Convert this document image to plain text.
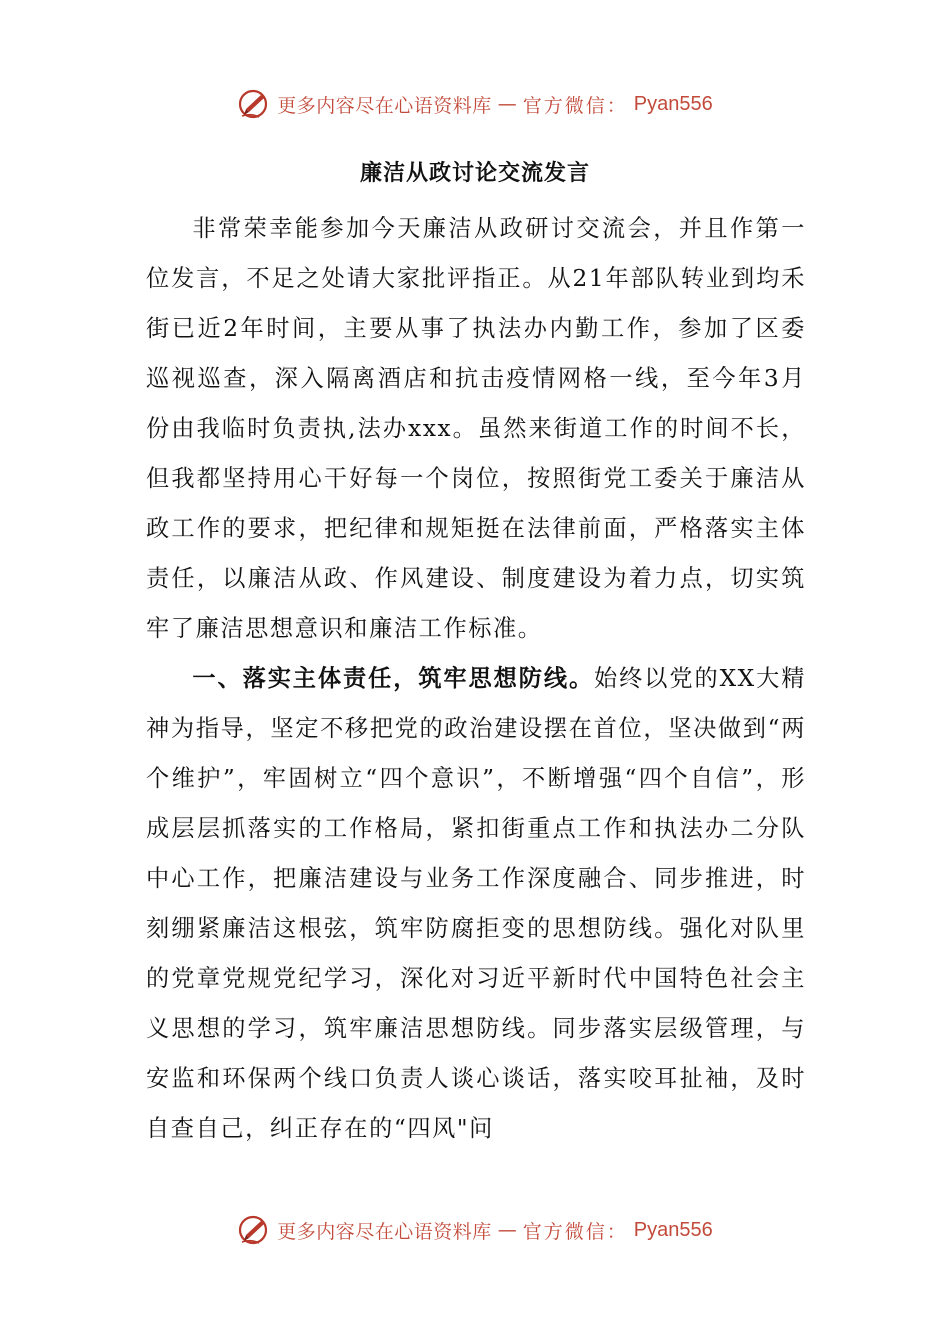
更多内容尽在心语资料库 — 官方微信： Pyan556
廉洁从政讨论交流发言

非常荣幸能参加今天廉洁从政研讨交流会，并且作第一位发言，不足之处请大家批评指正。从21年部队转业到均禾街已近2年时间，主要从事了执法办内勤工作，参加了区委巡视巡查，深入隔离酒店和抗击疫情网格一线，至今年3月份由我临时负责执,法办xxx。虽然来街道工作的时间不长，但我都坚持用心干好每一个岗位，按照街党工委关于廉洁从政工作的要求，把纪律和规矩挺在法律前面，严格落实主体责任，以廉洁从政、作风建设、制度建设为着力点，切实筑牢了廉洁思想意识和廉洁工作标准。

一、落实主体责任，筑牢思想防线。始终以党的XX大精神为指导，坚定不移把党的政治建设摆在首位，坚决做到“两个维护”，牢固树立“四个意识”，不断增强“四个自信”，形成层层抓落实的工作格局，紧扣街重点工作和执法办二分队中心工作，把廉洁建设与业务工作深度融合、同步推进，时刻绷紧廉洁这根弦，筑牢防腐拒变的思想防线。强化对队里的党章党规党纪学习，深化对习近平新时代中国特色社会主义思想的学习，筑牢廉洁思想防线。同步落实层级管理，与安监和环保两个线口负责人谈心谈话，落实咬耳扯袖，及时自查自己，纠正存在的“四风"问

更多内容尽在心语资料库 — 官方微信： Pyan556
